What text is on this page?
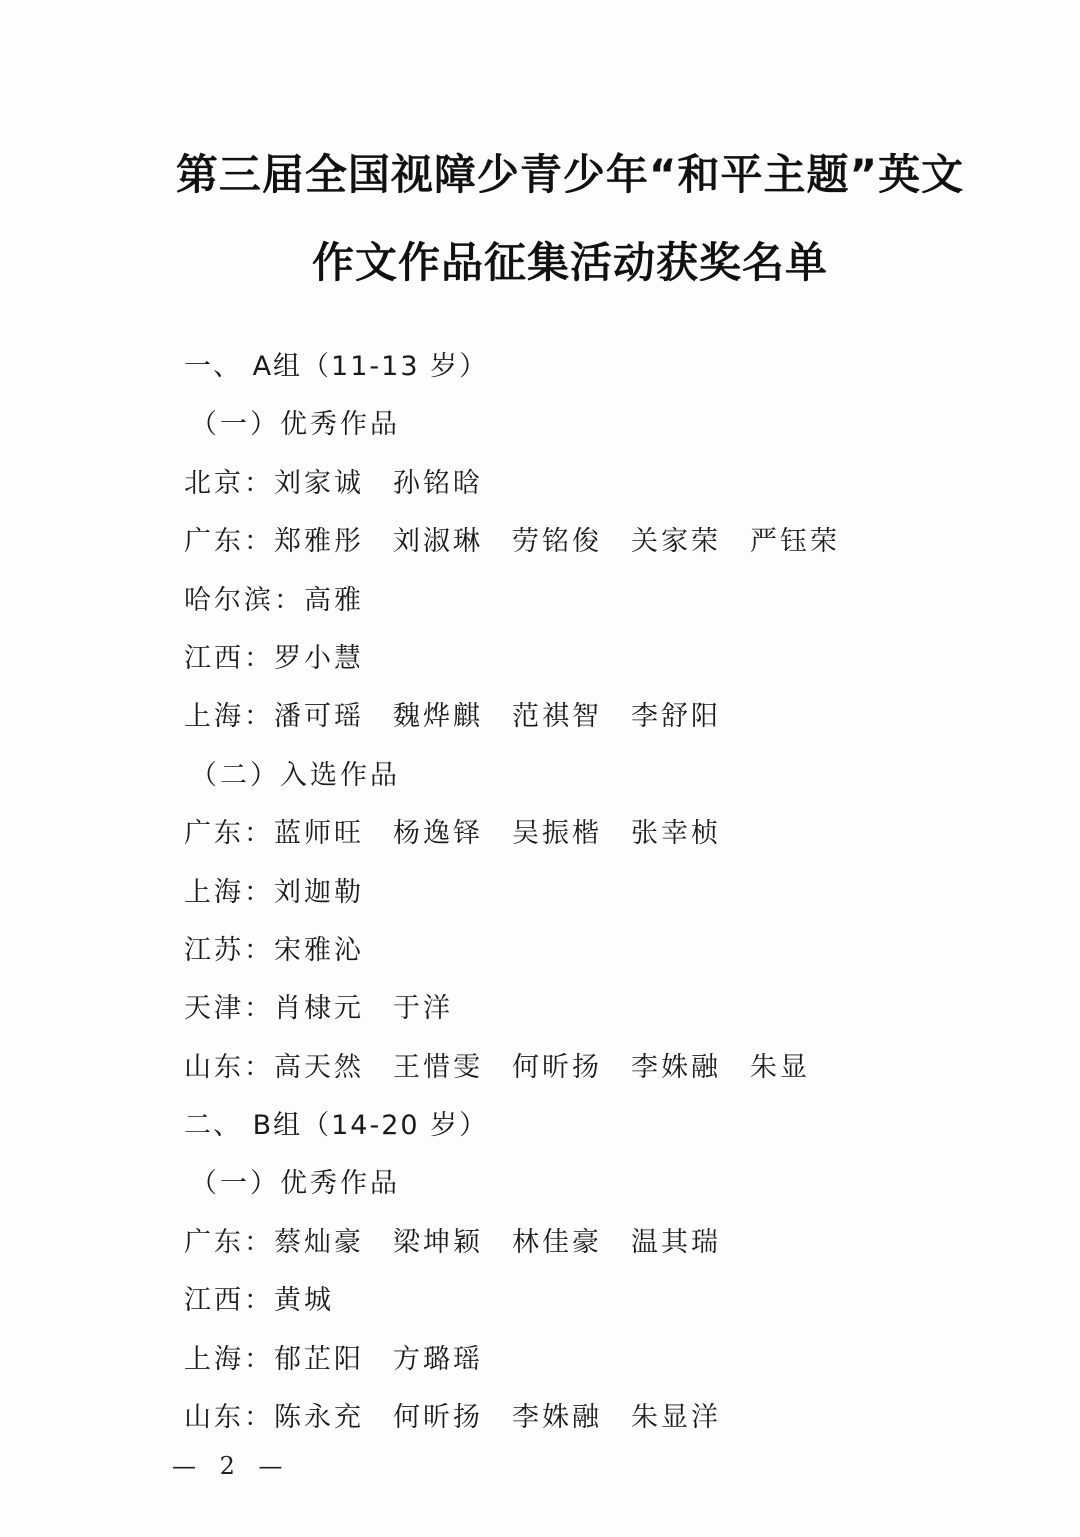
第三届全国视障少青少年“和平主题”英文
作文作品征集活动获奖名单
一、 A组（11-13 岁）
（一）优秀作品
北京：刘家诚 孙铭晗
广东：郑雅彤 刘淑琳 劳铭俊 关家荣 严钰荣
哈尔滨：高雅
江西：罗小慧
上海：潘可瑶 魏烨麒 范祺智 李舒阳
（二）入选作品
广东：蓝师旺 杨逸铎 吴振楷 张幸桢
上海：刘迦勒
江苏：宋雅沁
天津：肖棣元 于洋
山东：高天然 王惜雯 何昕扬 李姝融 朱显
二、 B组（14-20 岁）
（一）优秀作品
广东：蔡灿豪 梁坤颖 林佳豪 温其瑞
江西：黄城
上海：郁芷阳 方璐瑶
山东：陈永充 何昕扬 李姝融 朱显洋
— 2 —
